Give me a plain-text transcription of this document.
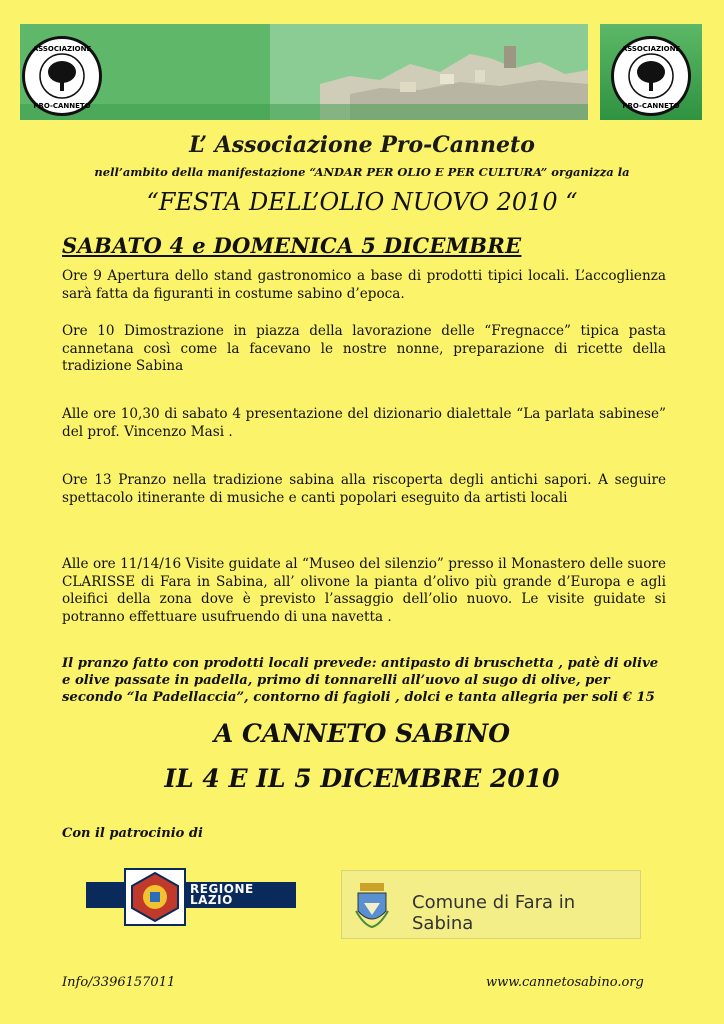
ASSOCIAZIONE
PRO-CANNETO
ASSOCIAZIONE
PRO-CANNETO
L’ Associazione Pro-Canneto
nell’ambito della manifestazione “ANDAR PER OLIO E PER CULTURA” organizza la
“FESTA DELL’OLIO NUOVO 2010 “
SABATO 4 e DOMENICA 5 DICEMBRE
Ore 9 Apertura dello stand gastronomico a base di prodotti tipici locali. L’accoglienza sarà fatta da figuranti in costume sabino d’epoca.
Ore 10 Dimostrazione in piazza della lavorazione delle “Fregnacce” tipica pasta cannetana così come la facevano le nostre nonne, preparazione di ricette della tradizione Sabina
Alle ore 10,30 di sabato 4 presentazione del dizionario dialettale “La parlata sabinese” del prof. Vincenzo Masi .
Ore 13 Pranzo nella tradizione sabina alla riscoperta degli antichi sapori. A seguire spettacolo itinerante di musiche e canti popolari eseguito da artisti locali
Alle ore 11/14/16 Visite guidate al “Museo del silenzio” presso il Monastero delle suore CLARISSE di Fara in Sabina, all’ olivone la pianta d’olivo più grande d’Europa e agli oleifici della zona dove è previsto l’assaggio dell’olio nuovo. Le visite guidate si potranno effettuare usufruendo di una navetta .
Il pranzo fatto con prodotti locali prevede: antipasto di bruschetta , patè di olive e olive passate in padella, primo di tonnarelli all’uovo al sugo di olive, per secondo “la Padellaccia”, contorno di fagioli , dolci e tanta allegria per soli € 15
A CANNETO SABINO
IL 4 E IL 5 DICEMBRE 2010
Con il patrocinio di
REGIONE
LAZIO	Comune di Fara in Sabina
Info/3396157011	www.cannetosabino.org
